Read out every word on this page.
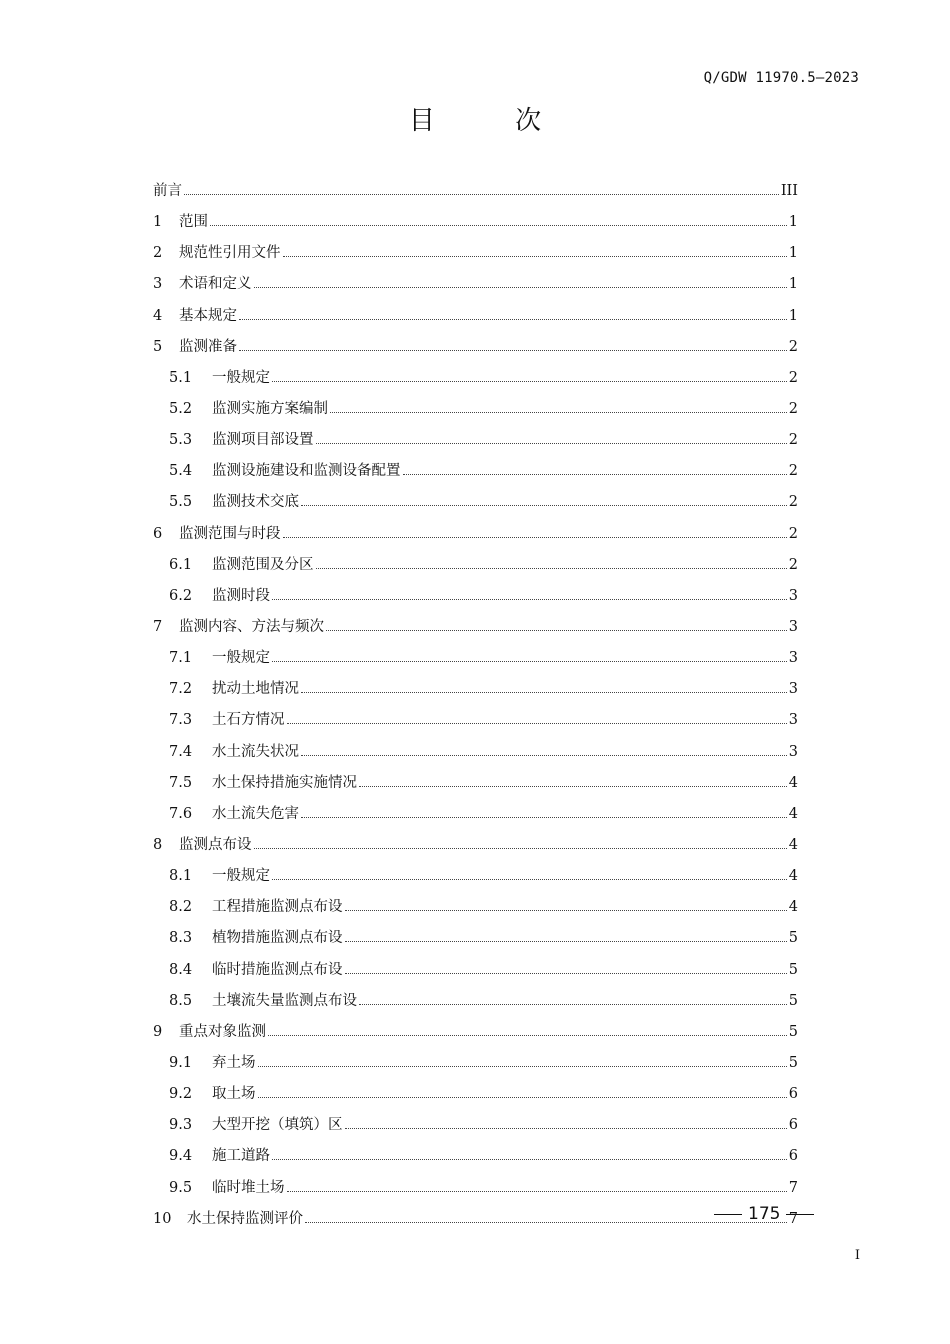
Q/GDW 11970.5—2023
目 次
前言	III
1	范围	1
2	规范性引用文件	1
3	术语和定义	1
4	基本规定	1
5	监测准备	2
5.1	一般规定	2
5.2	监测实施方案编制	2
5.3	监测项目部设置	2
5.4	监测设施建设和监测设备配置	2
5.5	监测技术交底	2
6	监测范围与时段	2
6.1	监测范围及分区	2
6.2	监测时段	3
7	监测内容、方法与频次	3
7.1	一般规定	3
7.2	扰动土地情况	3
7.3	土石方情况	3
7.4	水土流失状况	3
7.5	水土保持措施实施情况	4
7.6	水土流失危害	4
8	监测点布设	4
8.1	一般规定	4
8.2	工程措施监测点布设	4
8.3	植物措施监测点布设	5
8.4	临时措施监测点布设	5
8.5	土壤流失量监测点布设	5
9	重点对象监测	5
9.1	弃土场	5
9.2	取土场	6
9.3	大型开挖（填筑）区	6
9.4	施工道路	6
9.5	临时堆土场	7
10	水土保持监测评价	7
175
I
